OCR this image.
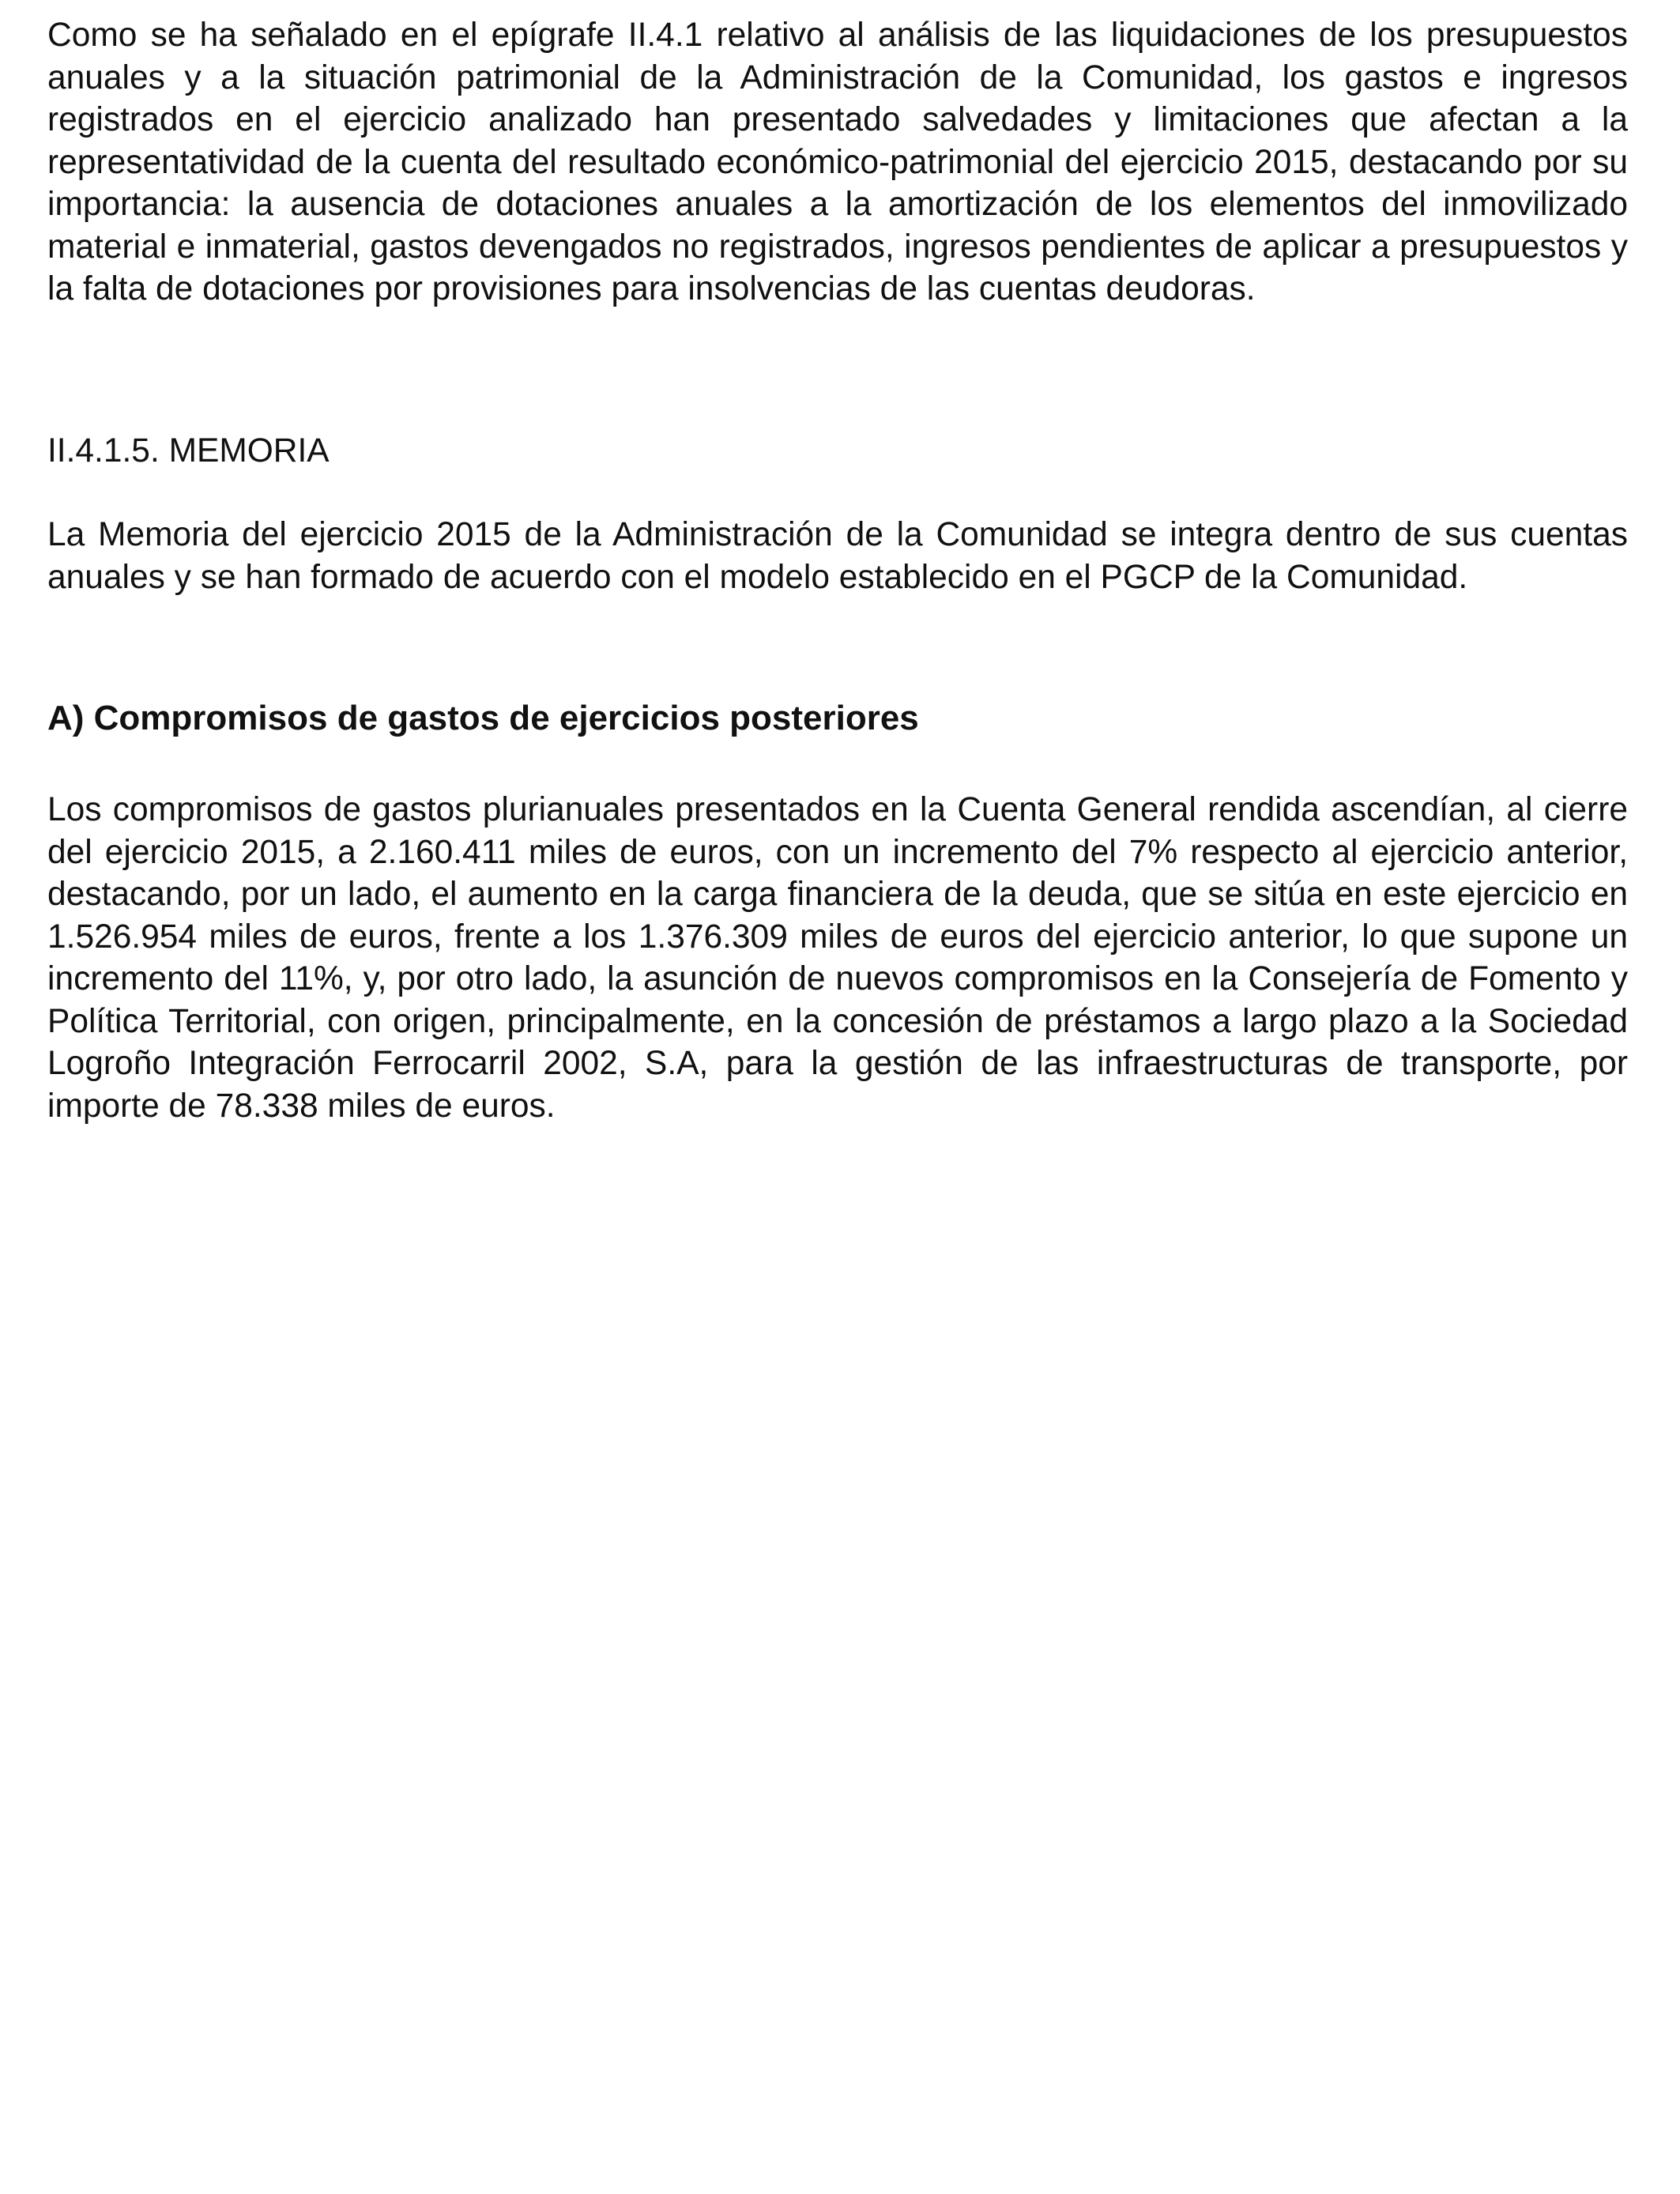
Como se ha señalado en el epígrafe II.4.1 relativo al análisis de las liquidaciones de los presupuestos anuales y a la situación patrimonial de la Administración de la Comunidad, los gastos e ingresos registrados en el ejercicio analizado han presentado salvedades y limitaciones que afectan a la representatividad de la cuenta del resultado económico-patrimonial del ejercicio 2015, destacando por su importancia: la ausencia de dotaciones anuales a la amortización de los elementos del inmovilizado material e inmaterial, gastos devengados no registrados, ingresos pendientes de aplicar a presupuestos y la falta de dotaciones por provisiones para insolvencias de las cuentas deudoras.

II.4.1.5. MEMORIA

La Memoria del ejercicio 2015 de la Administración de la Comunidad se integra dentro de sus cuentas anuales y se han formado de acuerdo con el modelo establecido en el PGCP de la Comunidad.

A) Compromisos de gastos de ejercicios posteriores

Los compromisos de gastos plurianuales presentados en la Cuenta General rendida ascendían, al cierre del ejercicio 2015, a 2.160.411 miles de euros, con un incremento del 7% respecto al ejercicio anterior, destacando, por un lado, el aumento en la carga financiera de la deuda, que se sitúa en este ejercicio en 1.526.954 miles de euros, frente a los 1.376.309 miles de euros del ejercicio anterior, lo que supone un incremento del 11%, y, por otro lado, la asunción de nuevos compromisos en la Consejería de Fomento y Política Territorial, con origen, principalmente, en la concesión de préstamos a largo plazo a la Sociedad Logroño Integración Ferrocarril 2002, S.A, para la gestión de las infraestructuras de transporte, por importe de 78.338 miles de euros.
